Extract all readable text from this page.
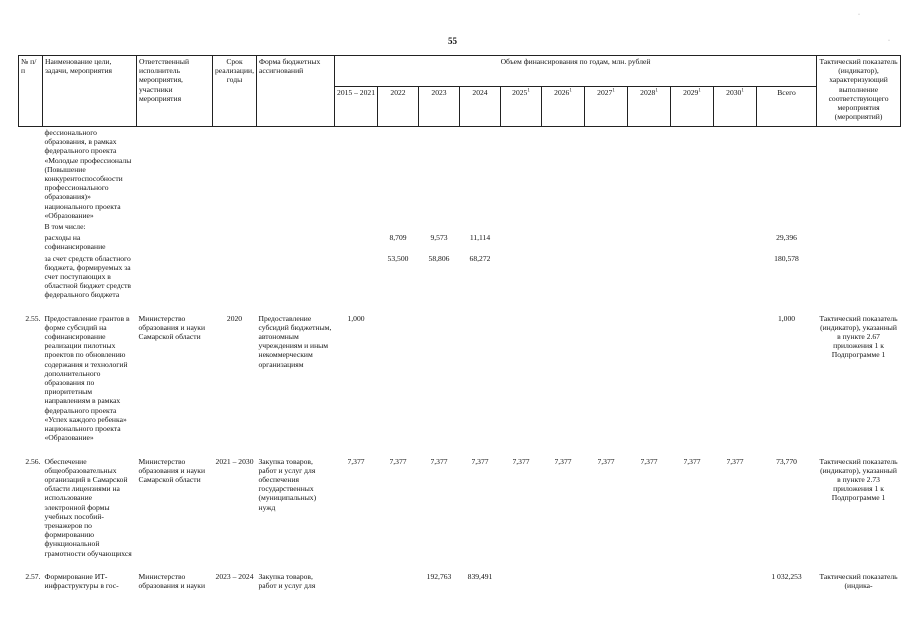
55
№ п/п	Наименование цели, задачи, мероприятия	Ответственный исполнитель мероприятия, участники мероприятия	Срок реализации, годы	Форма бюджетных ассигнований	Объем финансирования по годам, млн. рублей											Тактический показатель (индикатор), характеризующий выполнение соответствующего мероприятия (мероприятий)
					2015 – 2021	2022	2023	2024	2025$^1$	2026$^1$	2027$^1$	2028$^1$	2029$^1$	2030$^1$	Всего	
	фессионального образования, в рамках федерального проекта «Молодые профессионалы (Повышение конкурентоспособности профессионального образования)» национального проекта «Образование»															
	В том числе:															
	расходы на софинансирование					8,709	9,573	11,114							29,396	
	за счет средств областного бюджета, формируемых за счет поступающих в областной бюджет средств федерального бюджета					53,500	58,806	68,272							180,578	

2.55.	Предоставление грантов в форме субсидий на софинансирование реализации пилотных проектов по обновлению содержания и технологий дополнительного образования по приоритетным направлениям в рамках федерального проекта «Успех каждого ребенка» национального проекта «Образование»	Министерство образования и науки Самарской области	2020	Предоставление субсидий бюджетным, автономным учреждениям и иным некоммерческим организациям	1,000										1,000	Тактический показатель (индикатор), указанный в пункте 2.67 приложения 1 к Подпрограмме 1

2.56.	Обеспечение общеобразовательных организаций в Самарской области лицензиями на использование электронной формы учебных пособий-тренажеров по формированию функциональной грамотности обучающихся	Министерство образования и науки Самарской области	2021 – 2030	Закупка товаров, работ и услуг для обеспечения государственных (муниципальных) нужд	7,377	7,377	7,377	7,377	7,377	7,377	7,377	7,377	7,377	7,377	73,770	Тактический показатель (индикатор), указанный в пункте 2.73 приложения 1 к Подпрограмме 1

2.57.	Формирование ИТ-инфраструктуры в гос-	Министерство образования и науки	2023 – 2024	Закупка товаров, работ и услуг для			192,763	839,491							1 032,253	Тактический показатель (индика-
·
·
